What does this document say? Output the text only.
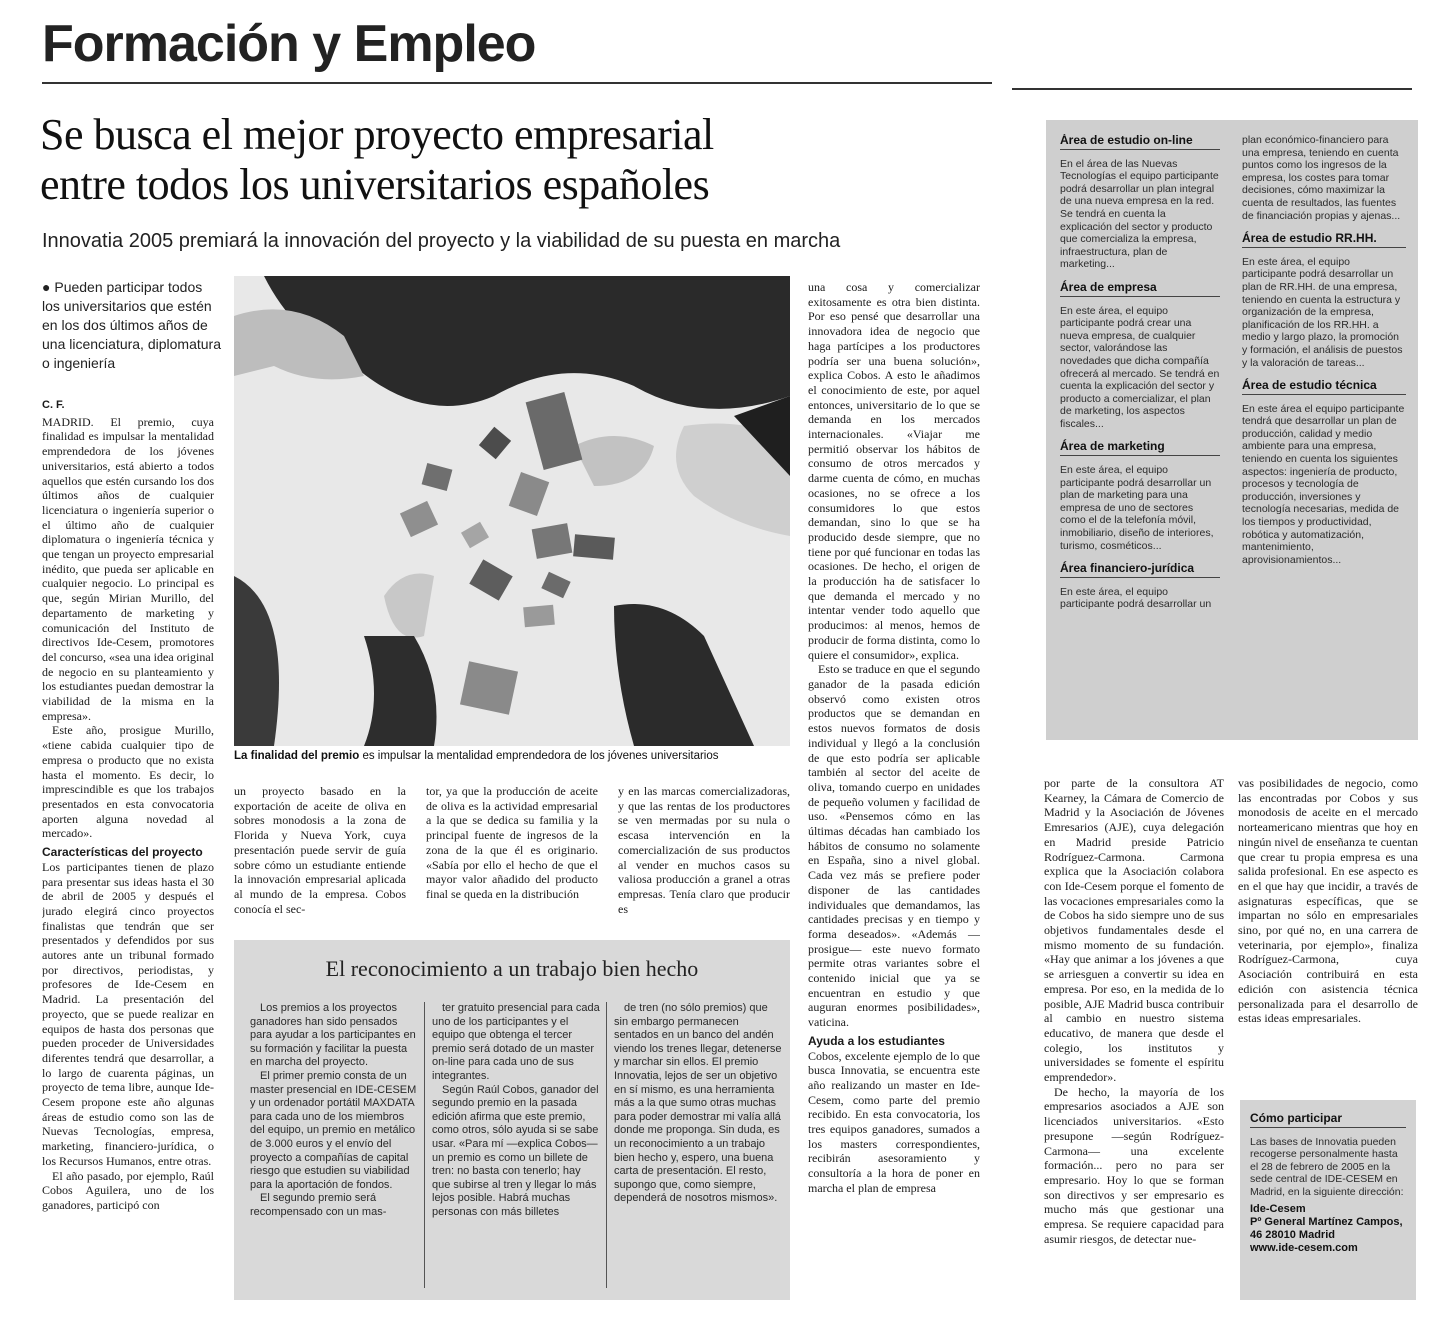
Formación y Empleo
Se busca el mejor proyecto empresarial
entre todos los universitarios españoles
Innovatia 2005 premiará la innovación del proyecto y la viabilidad de su puesta en marcha
● Pueden participar todos los universitarios que estén en los dos últimos años de una licenciatura, diplomatura o ingeniería
C. F.

MADRID. El premio, cuya finalidad es impulsar la mentalidad emprendedora de los jóvenes universitarios, está abierto a todos aquellos que estén cursando los dos últimos años de cualquier licenciatura o ingeniería superior o el último año de cualquier diplomatura o ingeniería técnica y que tengan un proyecto empresarial inédito, que pueda ser aplicable en cualquier negocio. Lo principal es que, según Mirian Murillo, del departamento de marketing y comunicación del Instituto de directivos Ide-Cesem, promotores del concurso, «sea una idea original de negocio en su planteamiento y los estudiantes puedan demostrar la viabilidad de la misma en la empresa».

Este año, prosigue Murillo, «tiene cabida cualquier tipo de empresa o producto que no exista hasta el momento. Es decir, lo imprescindible es que los trabajos presentados en esta convocatoria aporten alguna novedad al mercado».

Características del proyecto

Los participantes tienen de plazo para presentar sus ideas hasta el 30 de abril de 2005 y después el jurado elegirá cinco proyectos finalistas que tendrán que ser presentados y defendidos por sus autores ante un tribunal formado por directivos, periodistas, y profesores de Ide-Cesem en Madrid. La presentación del proyecto, que se puede realizar en equipos de hasta dos personas que pueden proceder de Universidades diferentes tendrá que desarrollar, a lo largo de cuarenta páginas, un proyecto de tema libre, aunque Ide-Cesem propone este año algunas áreas de estudio como son las de Nuevas Tecnologías, empresa, marketing, financiero-jurídica, o los Recursos Humanos, entre otras.

El año pasado, por ejemplo, Raúl Cobos Aguilera, uno de los ganadores, participó con

La finalidad del premio es impulsar la mentalidad emprendedora de los jóvenes universitarios

un proyecto basado en la exportación de aceite de oliva en sobres monodosis a la zona de Florida y Nueva York, cuya presentación puede servir de guía sobre cómo un estudiante entiende la innovación empresarial aplicada al mundo de la empresa. Cobos conocía el sec-

tor, ya que la producción de aceite de oliva es la actividad empresarial a la que se dedica su familia y la principal fuente de ingresos de la zona de la que él es originario. «Sabía por ello el hecho de que el mayor valor añadido del producto final se queda en la distribución

y en las marcas comercializadoras, y que las rentas de los productores se ven mermadas por su nula o escasa intervención en la comercialización de sus productos al vender en muchos casos su valiosa producción a granel a otras empresas. Tenía claro que producir es

una cosa y comercializar exitosamente es otra bien distinta. Por eso pensé que desarrollar una innovadora idea de negocio que haga partícipes a los productores podría ser una buena solución», explica Cobos. A esto le añadimos el conocimiento de este, por aquel entonces, universitario de lo que se demanda en los mercados internacionales. «Viajar me permitió observar los hábitos de consumo de otros mercados y darme cuenta de cómo, en muchas ocasiones, no se ofrece a los consumidores lo que estos demandan, sino lo que se ha producido desde siempre, que no tiene por qué funcionar en todas las ocasiones. De hecho, el origen de la producción ha de satisfacer lo que demanda el mercado y no intentar vender todo aquello que producimos: al menos, hemos de producir de forma distinta, como lo quiere el consumidor», explica.

Esto se traduce en que el segundo ganador de la pasada edición observó como existen otros productos que se demandan en estos nuevos formatos de dosis individual y llegó a la conclusión de que esto podría ser aplicable también al sector del aceite de oliva, tomando cuerpo en unidades de pequeño volumen y facilidad de uso. «Pensemos cómo en las últimas décadas han cambiado los hábitos de consumo no solamente en España, sino a nivel global. Cada vez más se prefiere poder disponer de las cantidades individuales que demandamos, las cantidades precisas y en tiempo y forma deseados». «Además —prosigue— este nuevo formato permite otras variantes sobre el contenido inicial que ya se encuentran en estudio y que auguran enormes posibilidades», vaticina.

Ayuda a los estudiantes

Cobos, excelente ejemplo de lo que busca Innovatia, se encuentra este año realizando un master en Ide-Cesem, como parte del premio recibido. En esta convocatoria, los tres equipos ganadores, sumados a los masters correspondientes, recibirán asesoramiento y consultoría a la hora de poner en marcha el plan de empresa

por parte de la consultora AT Kearney, la Cámara de Comercio de Madrid y la Asociación de Jóvenes Emresarios (AJE), cuya delegación en Madrid preside Patricio Rodríguez-Carmona. Carmona explica que la Asociación colabora con Ide-Cesem porque el fomento de las vocaciones empresariales como la de Cobos ha sido siempre uno de sus objetivos fundamentales desde el mismo momento de su fundación. «Hay que animar a los jóvenes a que se arriesguen a convertir su idea en empresa. Por eso, en la medida de lo posible, AJE Madrid busca contribuir al cambio en nuestro sistema educativo, de manera que desde el colegio, los institutos y universidades se fomente el espíritu emprendedor».

De hecho, la mayoría de los empresarios asociados a AJE son licenciados universitarios. «Esto presupone —según Rodríguez-Carmona— una excelente formación... pero no para ser empresario. Hoy lo que se forman son directivos y ser empresario es mucho más que gestionar una empresa. Se requiere capacidad para asumir riesgos, de detectar nue-

vas posibilidades de negocio, como las encontradas por Cobos y sus monodosis de aceite en el mercado norteamericano mientras que hoy en ningún nivel de enseñanza te cuentan que crear tu propia empresa es una salida profesional. En ese aspecto es en el que hay que incidir, a través de asignaturas específicas, que se impartan no sólo en empresariales sino, por qué no, en una carrera de veterinaria, por ejemplo», finaliza Rodríguez-Carmona, cuya Asociación contribuirá en esta edición con asistencia técnica personalizada para el desarrollo de estas ideas empresariales.

El reconocimiento a un trabajo bien hecho

Los premios a los proyectos ganadores han sido pensados para ayudar a los participantes en su formación y facilitar la puesta en marcha del proyecto.

El primer premio consta de un master presencial en IDE-CESEM y un ordenador portátil MAXDATA para cada uno de los miembros del equipo, un premio en metálico de 3.000 euros y el envío del proyecto a compañías de capital riesgo que estudien su viabilidad para la aportación de fondos.

El segundo premio será recompensado con un mas-

ter gratuito presencial para cada uno de los participantes y el equipo que obtenga el tercer premio será dotado de un master on-line para cada uno de sus integrantes.

Según Raúl Cobos, ganador del segundo premio en la pasada edición afirma que este premio, como otros, sólo ayuda si se sabe usar. «Para mí —explica Cobos— un premio es como un billete de tren: no basta con tenerlo; hay que subirse al tren y llegar lo más lejos posible. Habrá muchas personas con más billetes

de tren (no sólo premios) que sin embargo permanecen sentados en un banco del andén viendo los trenes llegar, detenerse y marchar sin ellos. El premio Innovatia, lejos de ser un objetivo en sí mismo, es una herramienta más a la que sumo otras muchas para poder demostrar mi valía allá donde me proponga. Sin duda, es un reconocimiento a un trabajo bien hecho y, espero, una buena carta de presentación. El resto, supongo que, como siempre, dependerá de nosotros mismos».

Área de estudio on-line
En el área de las Nuevas Tecnologías el equipo participante podrá desarrollar un plan integral de una nueva empresa en la red. Se tendrá en cuenta la explicación del sector y producto que comercializa la empresa, infraestructura, plan de marketing...
Área de empresa
En este área, el equipo participante podrá crear una nueva empresa, de cualquier sector, valorándose las novedades que dicha compañía ofrecerá al mercado. Se tendrá en cuenta la explicación del sector y producto a comercializar, el plan de marketing, los aspectos fiscales...
Área de marketing
En este área, el equipo participante podrá desarrollar un plan de marketing para una empresa de uno de sectores como el de la telefonía móvil, inmobiliario, diseño de interiores, turismo, cosméticos...
Área financiero-jurídica
En este área, el equipo participante podrá desarrollar un
plan económico-financiero para una empresa, teniendo en cuenta puntos como los ingresos de la empresa, los costes para tomar decisiones, cómo maximizar la cuenta de resultados, las fuentes de financiación propias y ajenas...
Área de estudio RR.HH.
En este área, el equipo participante podrá desarrollar un plan de RR.HH. de una empresa, teniendo en cuenta la estructura y organización de la empresa, planificación de los RR.HH. a medio y largo plazo, la promoción y formación, el análisis de puestos y la valoración de tareas...
Área de estudio técnica
En este área el equipo participante tendrá que desarrollar un plan de producción, calidad y medio ambiente para una empresa, teniendo en cuenta los siguientes aspectos: ingeniería de producto, procesos y tecnología de producción, inversiones y tecnología necesarias, medida de los tiempos y productividad, robótica y automatización, mantenimiento, aprovisionamientos...
Cómo participar
Las bases de Innovatia pueden recogerse personalmente hasta el 28 de febrero de 2005 en la sede central de IDE-CESEM en Madrid, en la siguiente dirección:
Ide-Cesem
Pº General Martínez Campos, 46 28010 Madrid
www.ide-cesem.com
